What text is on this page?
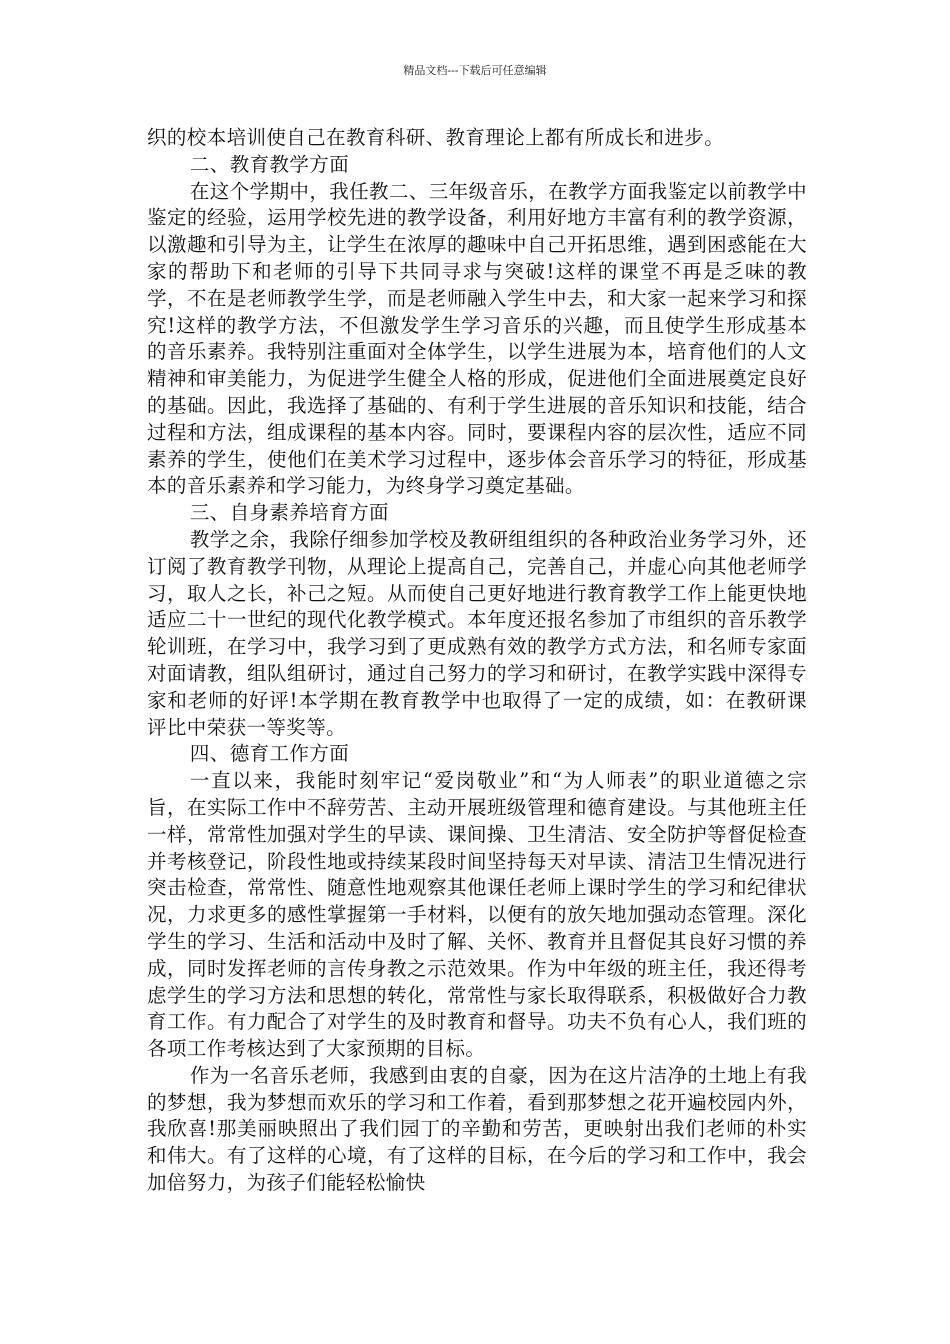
精品文档---下载后可任意编辑

织的校本培训使自己在教育科研、教育理论上都有所成长和进步。

二、教育教学方面

在这个学期中，我任教二、三年级音乐，在教学方面我鉴定以前教学中鉴定的经验，运用学校先进的教学设备，利用好地方丰富有利的教学资源，以激趣和引导为主，让学生在浓厚的趣味中自己开拓思维，遇到困惑能在大家的帮助下和老师的引导下共同寻求与突破!这样的课堂不再是乏味的教学，不在是老师教学生学，而是老师融入学生中去，和大家一起来学习和探究!这样的教学方法，不但激发学生学习音乐的兴趣，而且使学生形成基本的音乐素养。我特别注重面对全体学生，以学生进展为本，培育他们的人文精神和审美能力，为促进学生健全人格的形成，促进他们全面进展奠定良好的基础。因此，我选择了基础的、有利于学生进展的音乐知识和技能，结合过程和方法，组成课程的基本内容。同时，要课程内容的层次性，适应不同素养的学生，使他们在美术学习过程中，逐步体会音乐学习的特征，形成基本的音乐素养和学习能力，为终身学习奠定基础。

三、自身素养培育方面

教学之余，我除仔细参加学校及教研组组织的各种政治业务学习外，还订阅了教育教学刊物，从理论上提高自己，完善自己，并虚心向其他老师学习，取人之长，补己之短。从而使自己更好地进行教育教学工作上能更快地适应二十一世纪的现代化教学模式。本年度还报名参加了市组织的音乐教学轮训班，在学习中，我学习到了更成熟有效的教学方式方法，和名师专家面对面请教，组队组研讨，通过自己努力的学习和研讨，在教学实践中深得专家和老师的好评!本学期在教育教学中也取得了一定的成绩，如：在教研课评比中荣获一等奖等。

四、德育工作方面

一直以来，我能时刻牢记“爱岗敬业”和“为人师表”的职业道德之宗旨，在实际工作中不辞劳苦、主动开展班级管理和德育建设。与其他班主任一样，常常性加强对学生的早读、课间操、卫生清洁、安全防护等督促检查并考核登记，阶段性地或持续某段时间坚持每天对早读、清洁卫生情况进行突击检查，常常性、随意性地观察其他课任老师上课时学生的学习和纪律状况，力求更多的感性掌握第一手材料，以便有的放矢地加强动态管理。深化学生的学习、生活和活动中及时了解、关怀、教育并且督促其良好习惯的养成，同时发挥老师的言传身教之示范效果。作为中年级的班主任，我还得考虑学生的学习方法和思想的转化，常常性与家长取得联系，积极做好合力教育工作。有力配合了对学生的及时教育和督导。功夫不负有心人，我们班的各项工作考核达到了大家预期的目标。

作为一名音乐老师，我感到由衷的自豪，因为在这片洁净的土地上有我的梦想，我为梦想而欢乐的学习和工作着，看到那梦想之花开遍校园内外，我欣喜!那美丽映照出了我们园丁的辛勤和劳苦，更映射出我们老师的朴实和伟大。有了这样的心境，有了这样的目标，在今后的学习和工作中，我会加倍努力，为孩子们能轻松愉快
